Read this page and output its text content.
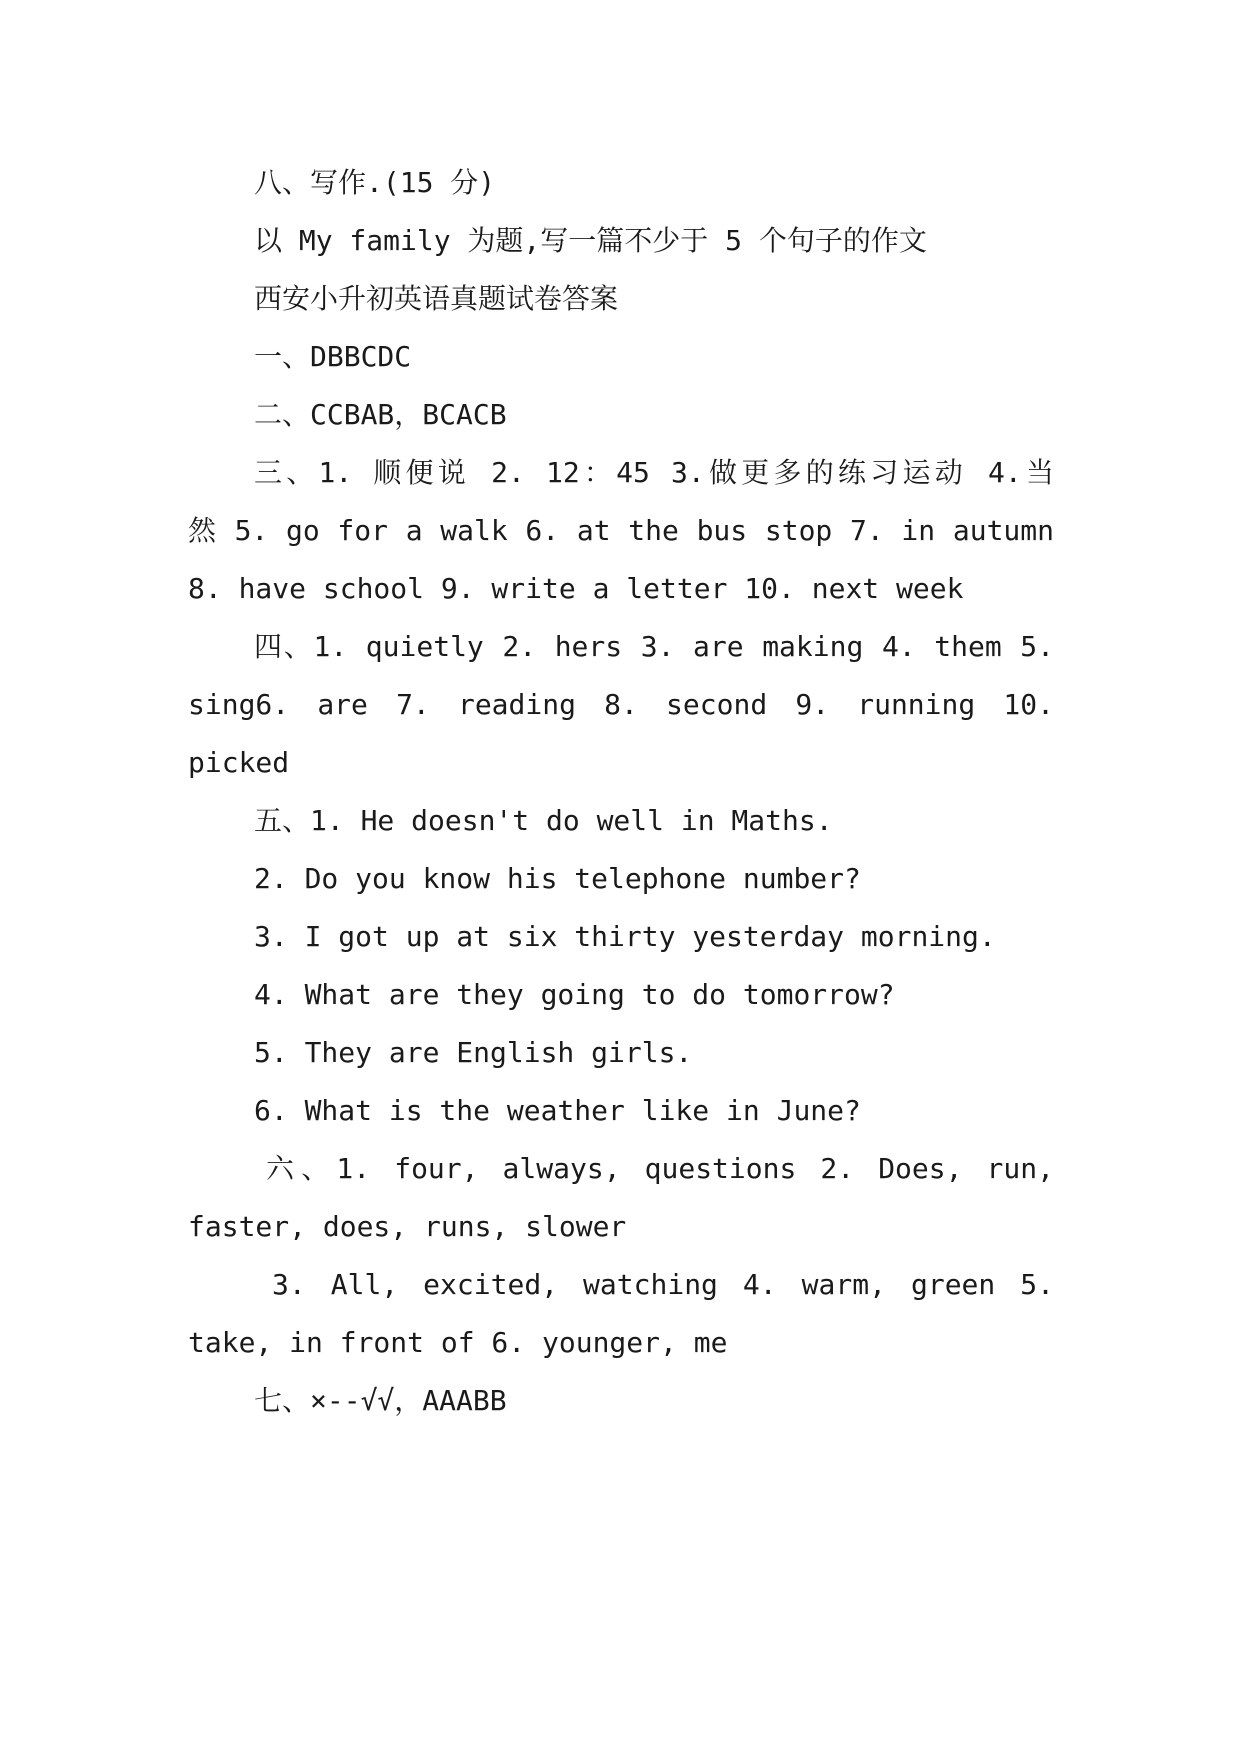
八、写作.(15 分)
以 My family 为题,写一篇不少于 5 个句子的作文
西安小升初英语真题试卷答案
一、DBBCDC
二、CCBAB，BCACB
三、1. 顺便说 2. 12：45 3.做更多的练习运动 4.当
然 5. go for a walk 6. at the bus stop 7. in autumn
8. have school 9. write a letter 10. next week
四、1. quietly 2. hers 3. are making 4. them 5.
sing6. are 7. reading 8. second 9. running 10.
picked
五、1. He doesn't do well in Maths.
2. Do you know his telephone number?
3. I got up at six thirty yesterday morning.
4. What are they going to do tomorrow?
5. They are English girls.
6. What is the weather like in June?
六、1. four, always, questions 2. Does, run,
faster, does, runs, slower
3. All, excited, watching 4. warm, green 5.
take, in front of 6. younger, me
七、×--√√，AAABB
